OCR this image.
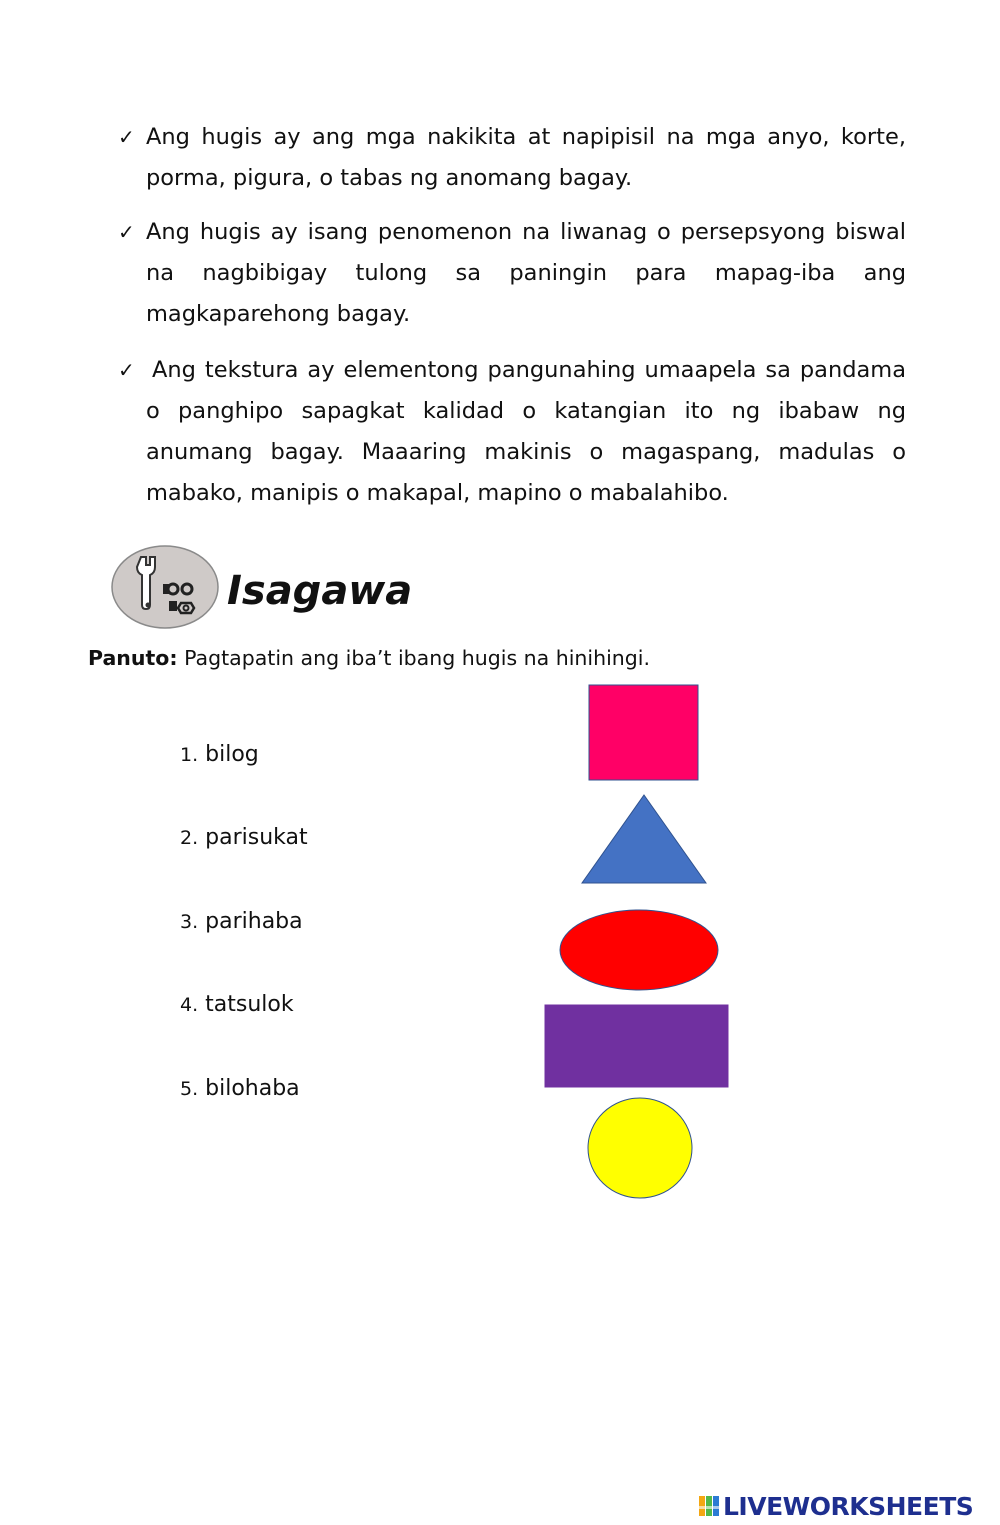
✓ Ang hugis ay ang mga nakikita at napipisil na mga anyo, korte, porma, pigura, o tabas ng anomang bagay.
✓ Ang hugis ay isang penomenon na liwanag o persepsyong biswal na nagbibigay tulong sa paningin para mapag-iba ang magkaparehong bagay.
✓ Ang tekstura ay elementong pangunahing umaapela sa pandama o panghipo sapagkat kalidad o katangian ito ng ibabaw ng anumang bagay. Maaaring makinis o magaspang, madulas o mabako, manipis o makapal, mapino o mabalahibo.
Isagawa
Panuto: Pagtapatin ang iba’t ibang hugis na hinihingi.
1. bilog
2. parisukat
3. parihaba
4. tatsulok
5. bilohaba
LIVEWORKSHEETS
